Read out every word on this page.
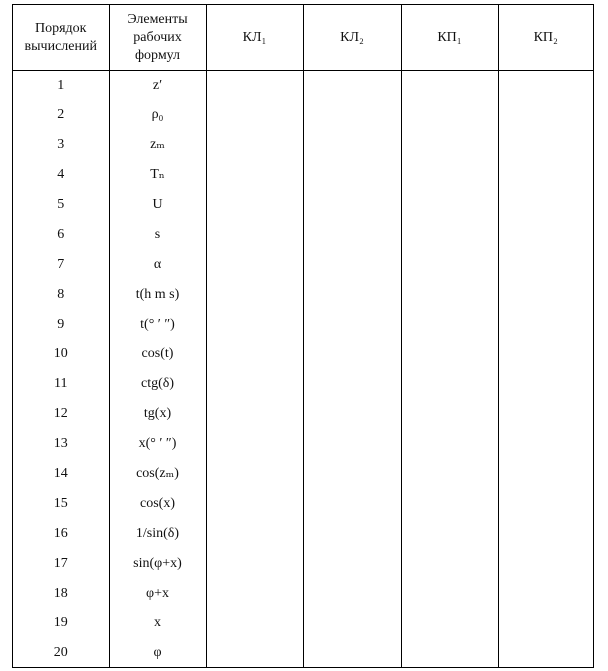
Порядок вычислений	Элементы рабочих формул	КЛ₁	КЛ₂	КП₁	КП₂
1	z′				
2	ρ₀				
3	zₘ				
4	Tₙ				
5	U				
6	s				
7	α				
8	t(h m s)				
9	t(° ′ ″)				
10	cos(t)				
11	ctg(δ)				
12	tg(x)				
13	x(° ′ ″)				
14	cos(zₘ)				
15	cos(x)				
16	1/sin(δ)				
17	sin(φ+x)				
18	φ+x				
19	x				
20	φ				
